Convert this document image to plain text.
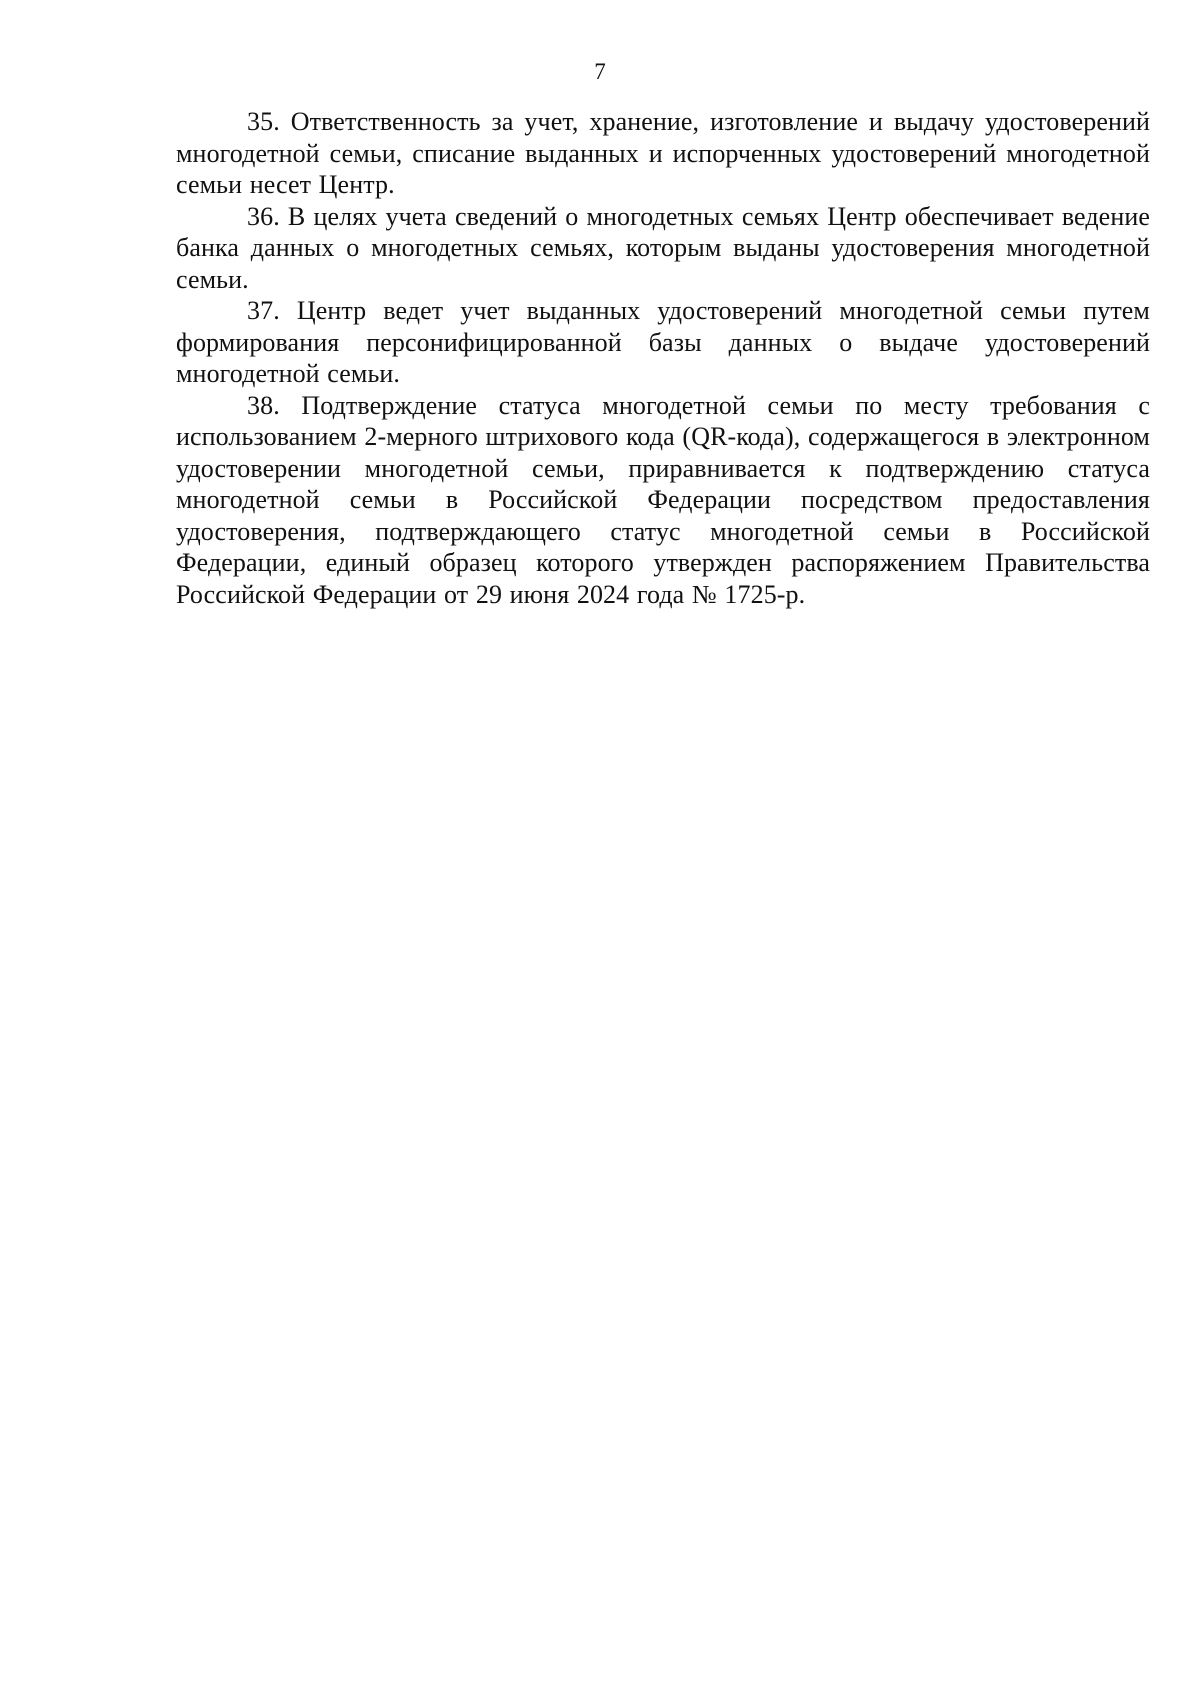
7

35. Ответственность за учет, хранение, изготовление и выдачу удостоверений многодетной семьи, списание выданных и испорченных удостоверений многодетной семьи несет Центр.

36. В целях учета сведений о многодетных семьях Центр обеспечивает ведение банка данных о многодетных семьях, которым выданы удостоверения многодетной семьи.

37. Центр ведет учет выданных удостоверений многодетной семьи путем формирования персонифицированной базы данных о выдаче удостоверений многодетной семьи.

38. Подтверждение статуса многодетной семьи по месту требования с использованием 2-мерного штрихового кода (QR-кода), содержащегося в электронном удостоверении многодетной семьи, приравнивается к подтверждению статуса многодетной семьи в Российской Федерации посредством предоставления удостоверения, подтверждающего статус многодетной семьи в Российской Федерации, единый образец которого утвержден распоряжением Правительства Российской Федерации от 29 июня 2024 года № 1725-р.
